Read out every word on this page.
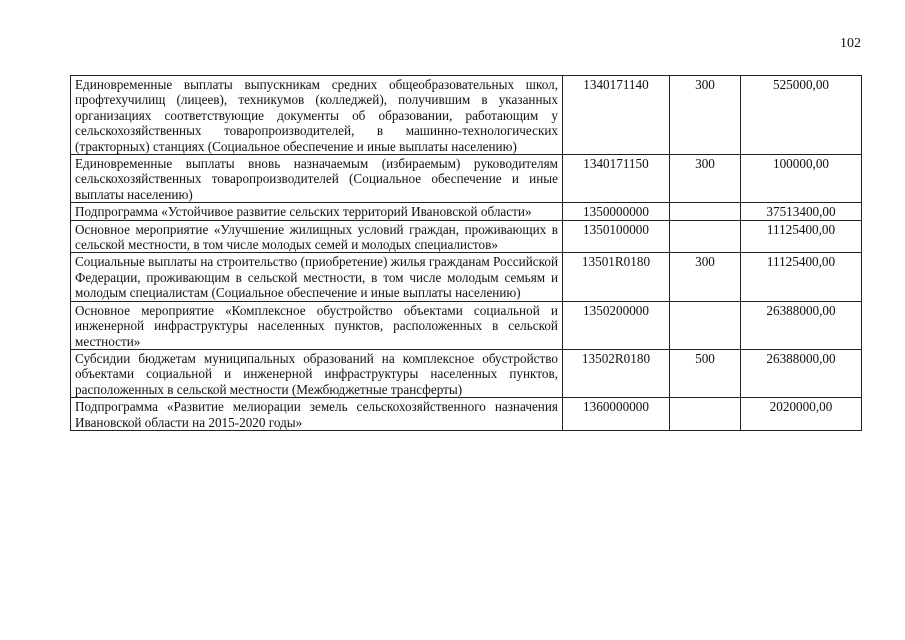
102
Единовременные выплаты выпускникам средних общеобразовательных школ, профтехучилищ (лицеев), техникумов (колледжей), получившим в указанных организациях соответствующие документы об образовании, работающим у сельскохозяйственных товаропроизводителей, в машинно-технологических (тракторных) станциях (Социальное обеспечение и иные выплаты населению)	1340171140	300	525000,00
Единовременные выплаты вновь назначаемым (избираемым) руководителям сельскохозяйственных товаропроизводителей (Социальное обеспечение и иные выплаты населению)	1340171150	300	100000,00
Подпрограмма «Устойчивое развитие сельских территорий Ивановской области»	1350000000		37513400,00
Основное мероприятие «Улучшение жилищных условий граждан, проживающих в сельской местности, в том числе молодых семей и молодых специалистов»	1350100000		11125400,00
Социальные выплаты на строительство (приобретение) жилья гражданам Российской Федерации, проживающим в сельской местности, в том числе молодым семьям и молодым специалистам (Социальное обеспечение и иные выплаты населению)	13501R0180	300	11125400,00
Основное мероприятие «Комплексное обустройство объектами социальной и инженерной инфраструктуры населенных пунктов, расположенных в сельской местности»	1350200000		26388000,00
Субсидии бюджетам муниципальных образований на комплексное обустройство объектами социальной и инженерной инфраструктуры населенных пунктов, расположенных в сельской местности (Межбюджетные трансферты)	13502R0180	500	26388000,00
Подпрограмма «Развитие мелиорации земель сельскохозяйственного назначения Ивановской области на 2015-2020 годы»	1360000000		2020000,00
